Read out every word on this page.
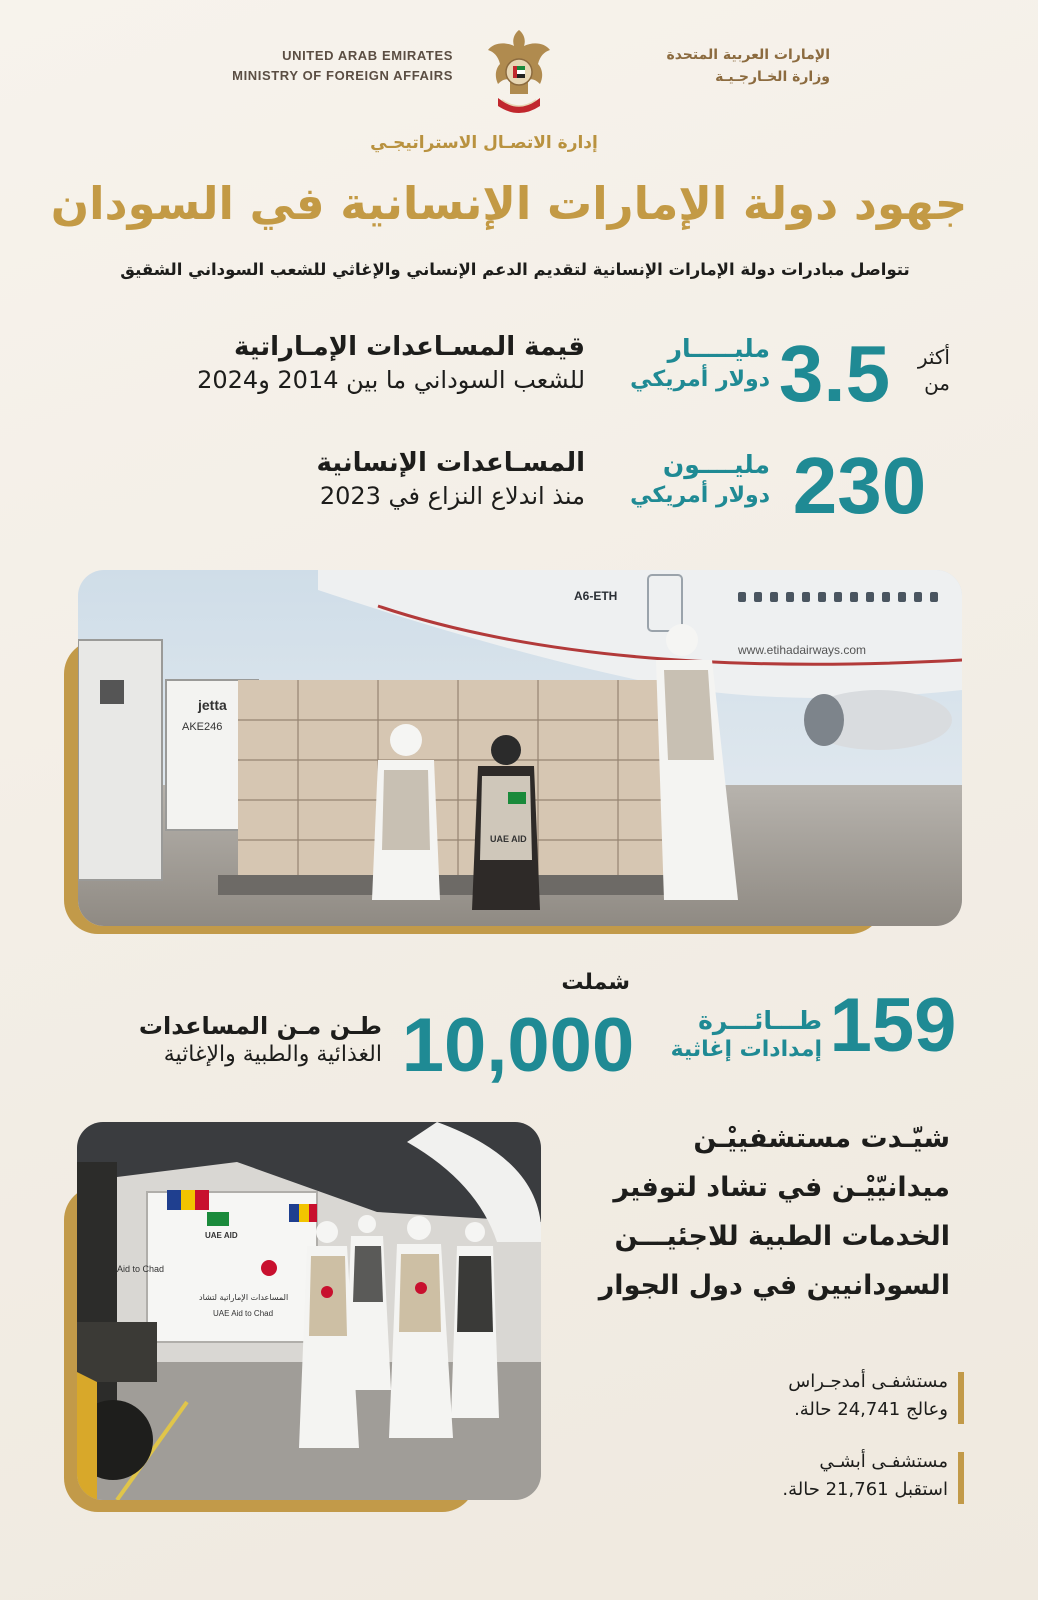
UNITED ARAB EMIRATES
MINISTRY OF FOREIGN AFFAIRS
الإمارات العربية المتحدة
وزارة الخـارجـيـة
إدارة الاتصـال الاستراتيجـي
جهود دولة الإمارات الإنسانية في السودان
تتواصل مبادرات دولة الإمارات الإنسانية لتقديم الدعم الإنساني والإغاثي للشعب السوداني الشقيق
أكثر
من
3.5
مليـــــار
دولار أمريكي
قيمة المسـاعدات الإمـاراتية
للشعب السوداني ما بين 2014 و2024
230
مليــــون
دولار أمريكي
المسـاعدات الإنسانية
منذ اندلاع النزاع في 2023
A6-ETH
www.etihadairways.com
jetta
AKE246
UAE AID
159
طـــائـــرة
إمدادات إغاثية
شملت
10,000
طـن مـن المساعدات
الغذائية والطبية والإغاثية
UAE AID
المساعدات الإماراتية لتشاد
UAE Aid to Chad
Aid to Chad
شيّـدت مستشفييْـن
ميدانيّيْـن في تشاد لتوفير
الخدمات الطبية للاجئيـــن
السودانيين في دول الجوار
مستشفـى أمدجـراس
وعالج 24,741 حالة.
مستشفـى أبشـي
استقبل 21,761 حالة.
